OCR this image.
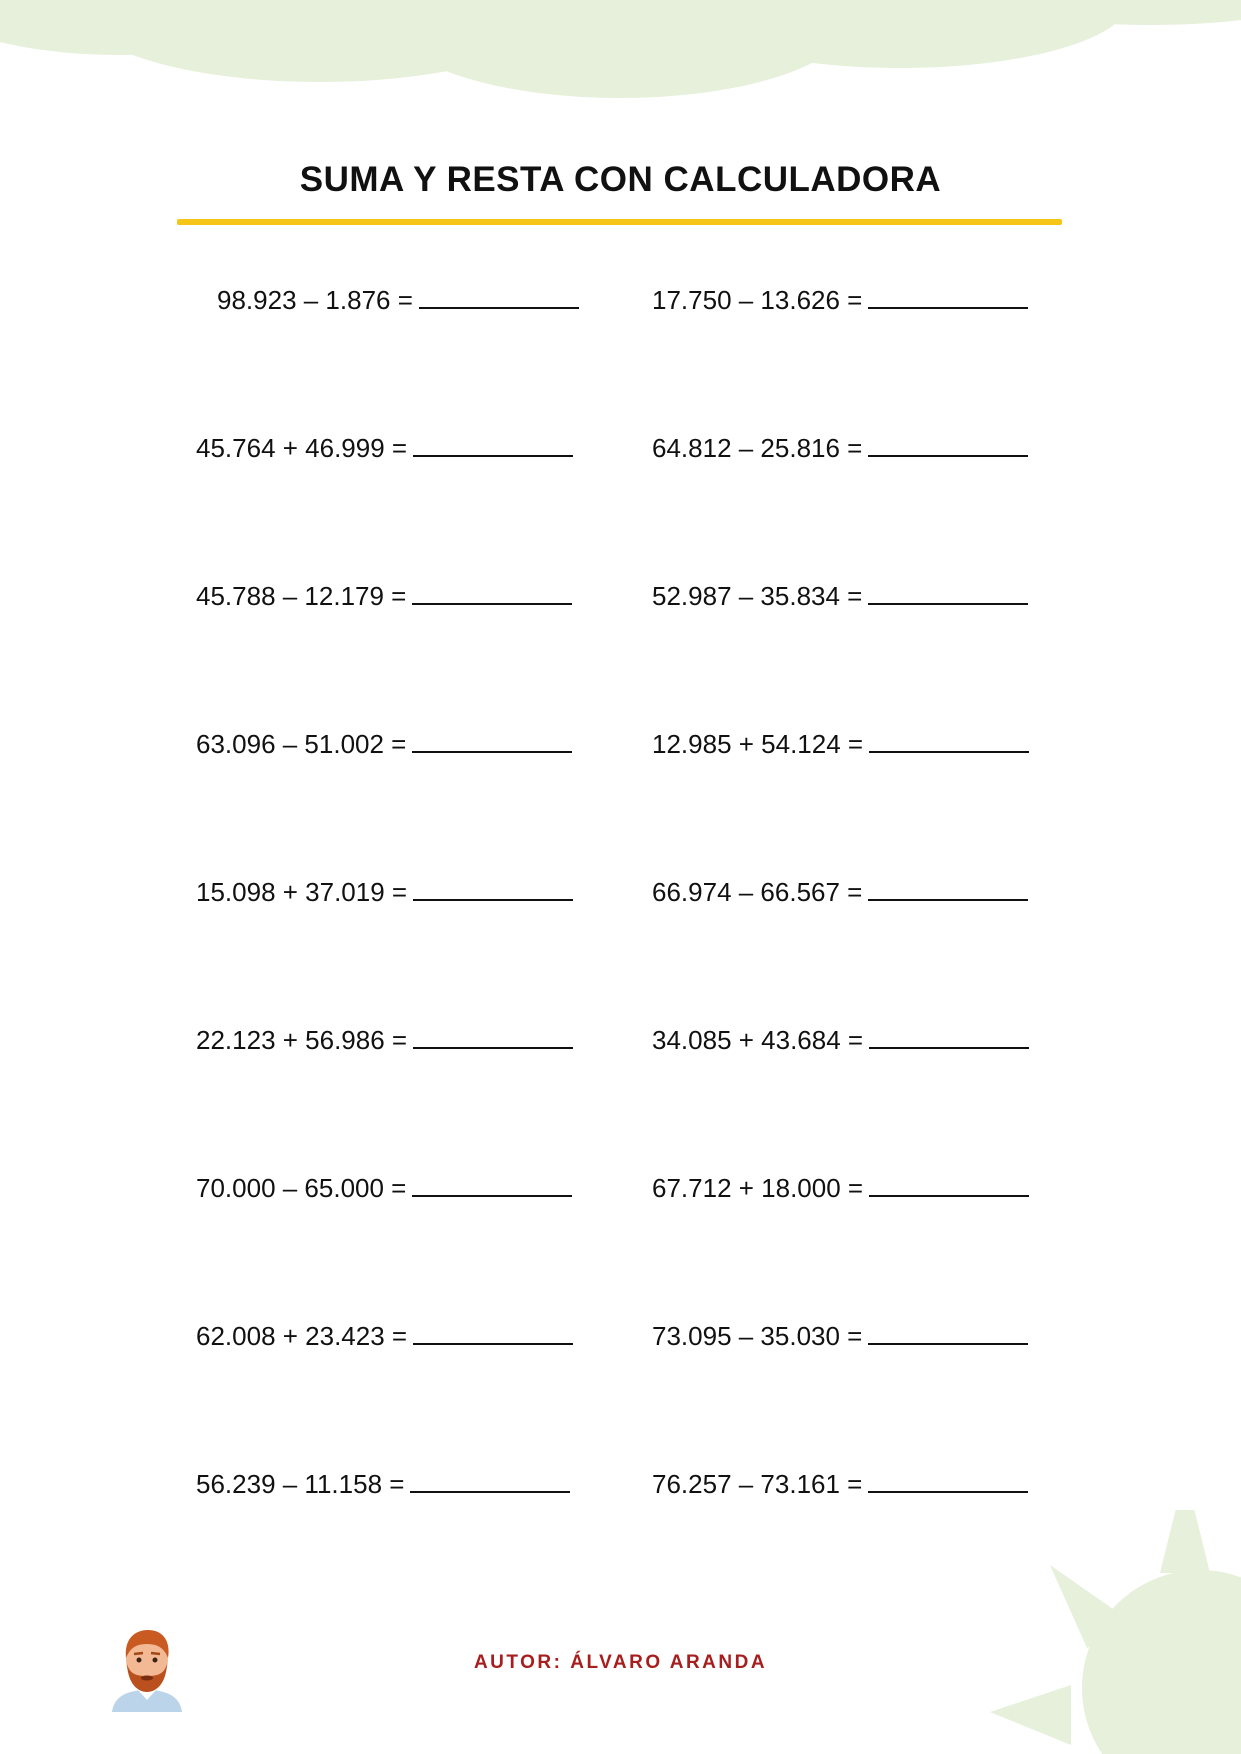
SUMA Y RESTA CON CALCULADORA
98.923 – 1.876 =
45.764 + 46.999 =
45.788 – 12.179 =
63.096 – 51.002 =
15.098 + 37.019 =
22.123 + 56.986 =
70.000 – 65.000 =
62.008 + 23.423 =
56.239 – 11.158 =
17.750 – 13.626 =
64.812 – 25.816 =
52.987 – 35.834 =
12.985 + 54.124 =
66.974 – 66.567 =
34.085 + 43.684 =
67.712 + 18.000 =
73.095 – 35.030 =
76.257 – 73.161 =
AUTOR: ÁLVARO ARANDA
